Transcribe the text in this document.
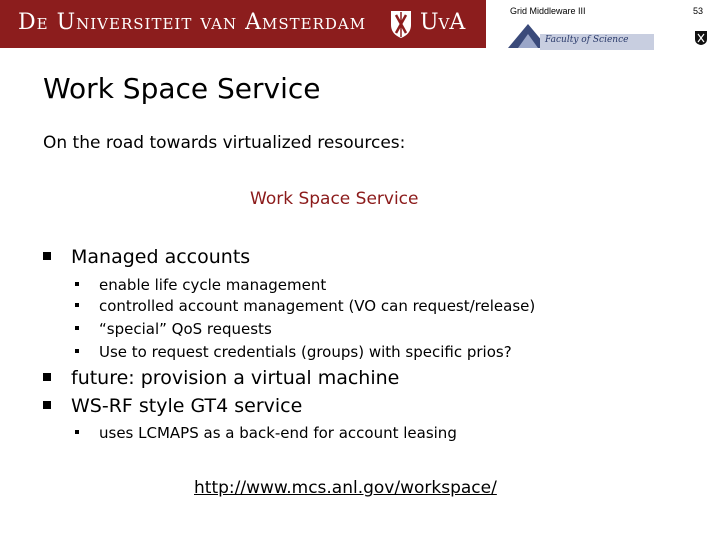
De Universiteit van Amsterdam UvA	Grid Middleware III	53
Faculty of Science
Work Space Service
On the road towards virtualized resources:
Work Space Service
Managed accounts
enable life cycle management
controlled account management (VO can request/release)
“special” QoS requests
Use to request credentials (groups) with specific prios?
future: provision a virtual machine
WS-RF style GT4 service
uses LCMAPS as a back-end for account leasing
http://www.mcs.anl.gov/workspace/
